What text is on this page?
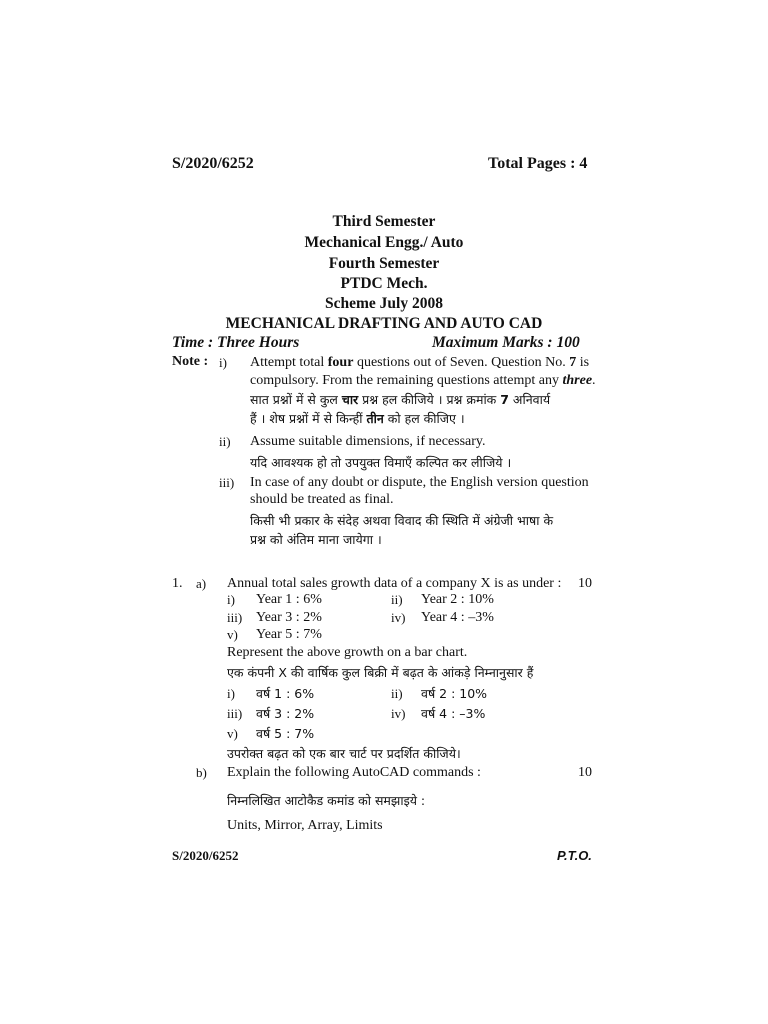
S/2020/6252	Total Pages : 4
Third Semester
Mechanical Engg./ Auto
Fourth Semester
PTDC Mech.
Scheme July 2008
MECHANICAL DRAFTING AND AUTO CAD
Time : Three Hours	Maximum Marks : 100
Note : i) Attempt total four questions out of Seven. Question No. 7 is
compulsory. From the remaining questions attempt any three.
सात प्रश्नों में से कुल चार प्रश्न हल कीजिये । प्रश्न क्रमांक 7 अनिवार्य
हैं । शेष प्रश्नों में से किन्हीं तीन को हल कीजिए ।
ii) Assume suitable dimensions, if necessary.
यदि आवश्यक हो तो उपयुक्त विमाएँ कल्पित कर लीजिये ।
iii) In case of any doubt or dispute, the English version question
should be treated as final.
किसी भी प्रकार के संदेह अथवा विवाद की स्थिति में अंग्रेजी भाषा के
प्रश्न को अंतिम माना जायेगा ।
1. a) Annual total sales growth data of a company X is as under : 10
i) Year 1 : 6%	ii) Year 2 : 10%
iii) Year 3 : 2%	iv) Year 4 : –3%
v) Year 5 : 7%
Represent the above growth on a bar chart.
एक कंपनी X की वार्षिक कुल बिक्री में बढ़त के आंकड़े निम्नानुसार हैं
i) वर्ष 1 : 6%	ii) वर्ष 2 : 10%
iii) वर्ष 3 : 2%	iv) वर्ष 4 : –3%
v) वर्ष 5 : 7%
उपरोक्त बढ़त को एक बार चार्ट पर प्रदर्शित कीजिये।
b) Explain the following AutoCAD commands :	10
निम्नलिखित आटोकैड कमांड को समझाइये :
Units, Mirror, Array, Limits
S/2020/6252	P.T.O.
